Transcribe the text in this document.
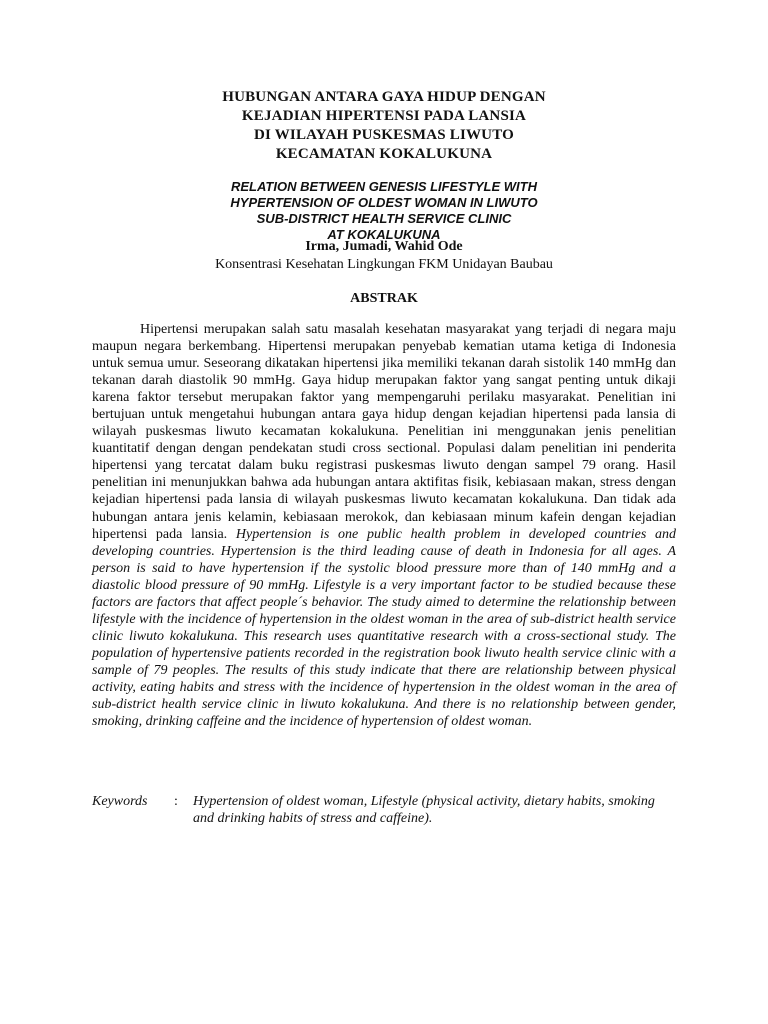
HUBUNGAN ANTARA GAYA HIDUP DENGAN
KEJADIAN HIPERTENSI PADA LANSIA
DI WILAYAH PUSKESMAS LIWUTO
KECAMATAN KOKALUKUNA
RELATION BETWEEN GENESIS LIFESTYLE WITH
HYPERTENSION OF OLDEST WOMAN IN LIWUTO
SUB-DISTRICT HEALTH SERVICE CLINIC
AT KOKALUKUNA
Irma, Jumadi, Wahid Ode
Konsentrasi Kesehatan Lingkungan FKM Unidayan Baubau
ABSTRAK

Hipertensi merupakan salah satu masalah kesehatan masyarakat yang terjadi di negara maju maupun negara berkembang. Hipertensi merupakan penyebab kematian utama ketiga di Indonesia untuk semua umur. Seseorang dikatakan hipertensi jika memiliki tekanan darah sistolik 140 mmHg dan tekanan darah diastolik 90 mmHg. Gaya hidup merupakan faktor yang sangat penting untuk dikaji karena faktor tersebut merupakan faktor yang mempengaruhi perilaku masyarakat. Penelitian ini bertujuan untuk mengetahui hubungan antara gaya hidup dengan kejadian hipertensi pada lansia di wilayah puskesmas liwuto kecamatan kokalukuna. Penelitian ini menggunakan jenis penelitian kuantitatif dengan dengan pendekatan studi cross sectional. Populasi dalam penelitian ini penderita hipertensi yang tercatat dalam buku registrasi puskesmas liwuto dengan sampel 79 orang. Hasil penelitian ini menunjukkan bahwa ada hubungan antara aktifitas fisik, kebiasaan makan, stress dengan kejadian hipertensi pada lansia di wilayah puskesmas liwuto kecamatan kokalukuna. Dan tidak ada hubungan antara jenis kelamin, kebiasaan merokok, dan kebiasaan minum kafein dengan kejadian hipertensi pada lansia. Hypertension is one public health problem in developed countries and developing countries. Hypertension is the third leading cause of death in Indonesia for all ages. A person is said to have hypertension if the systolic blood pressure more than of 140 mmHg and a diastolic blood pressure of 90 mmHg. Lifestyle is a very important factor to be studied because these factors are factors that affect people´s behavior. The study aimed to determine the relationship between lifestyle with the incidence of hypertension in the oldest woman in the area of sub-district health service clinic liwuto kokalukuna. This research uses quantitative research with a cross-sectional study. The population of hypertensive patients recorded in the registration book liwuto health service clinic with a sample of 79 peoples. The results of this study indicate that there are relationship between physical activity, eating habits and stress with the incidence of hypertension in the oldest woman in the area of sub-district health service clinic in liwuto kokalukuna. And there is no relationship between gender, smoking, drinking caffeine and the incidence of hypertension of oldest woman.

Keywords	: Hypertension of oldest woman, Lifestyle (physical activity, dietary habits, smoking and drinking habits of stress and caffeine).
